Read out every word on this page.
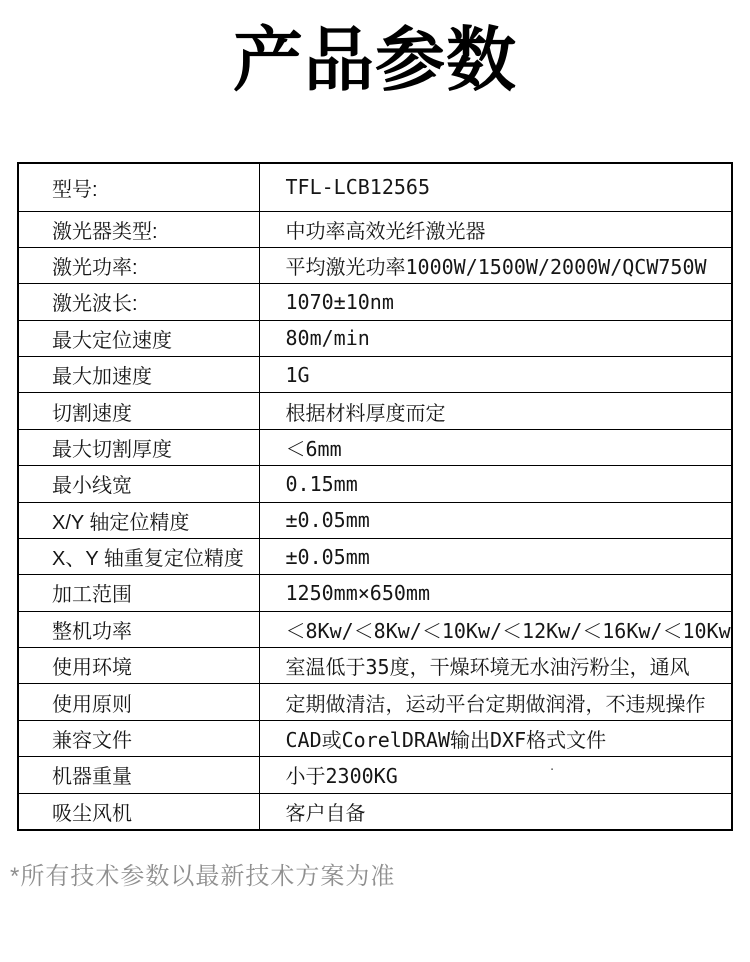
产品参数
型号:	TFL-LCB12565
激光器类型:	中功率高效光纤激光器
激光功率:	平均激光功率1000W/1500W/2000W/QCW750W
激光波长:	1070±10nm
最大定位速度	80m/min
最大加速度	1G
切割速度	根据材料厚度而定
最大切割厚度	＜6mm
最小线宽	0.15mm
X/Y 轴定位精度	±0.05mm
X、Y 轴重复定位精度	±0.05mm
加工范围	1250mm×650mm
整机功率	＜8Kw/＜8Kw/＜10Kw/＜12Kw/＜16Kw/＜10Kw
使用环境	室温低于35度，干燥环境无水油污粉尘，通风
使用原则	定期做清洁，运动平台定期做润滑，不违规操作
兼容文件	CAD或CorelDRAW输出DXF格式文件
机器重量	小于2300KG
吸尘风机	客户自备
.
*所有技术参数以最新技术方案为准
